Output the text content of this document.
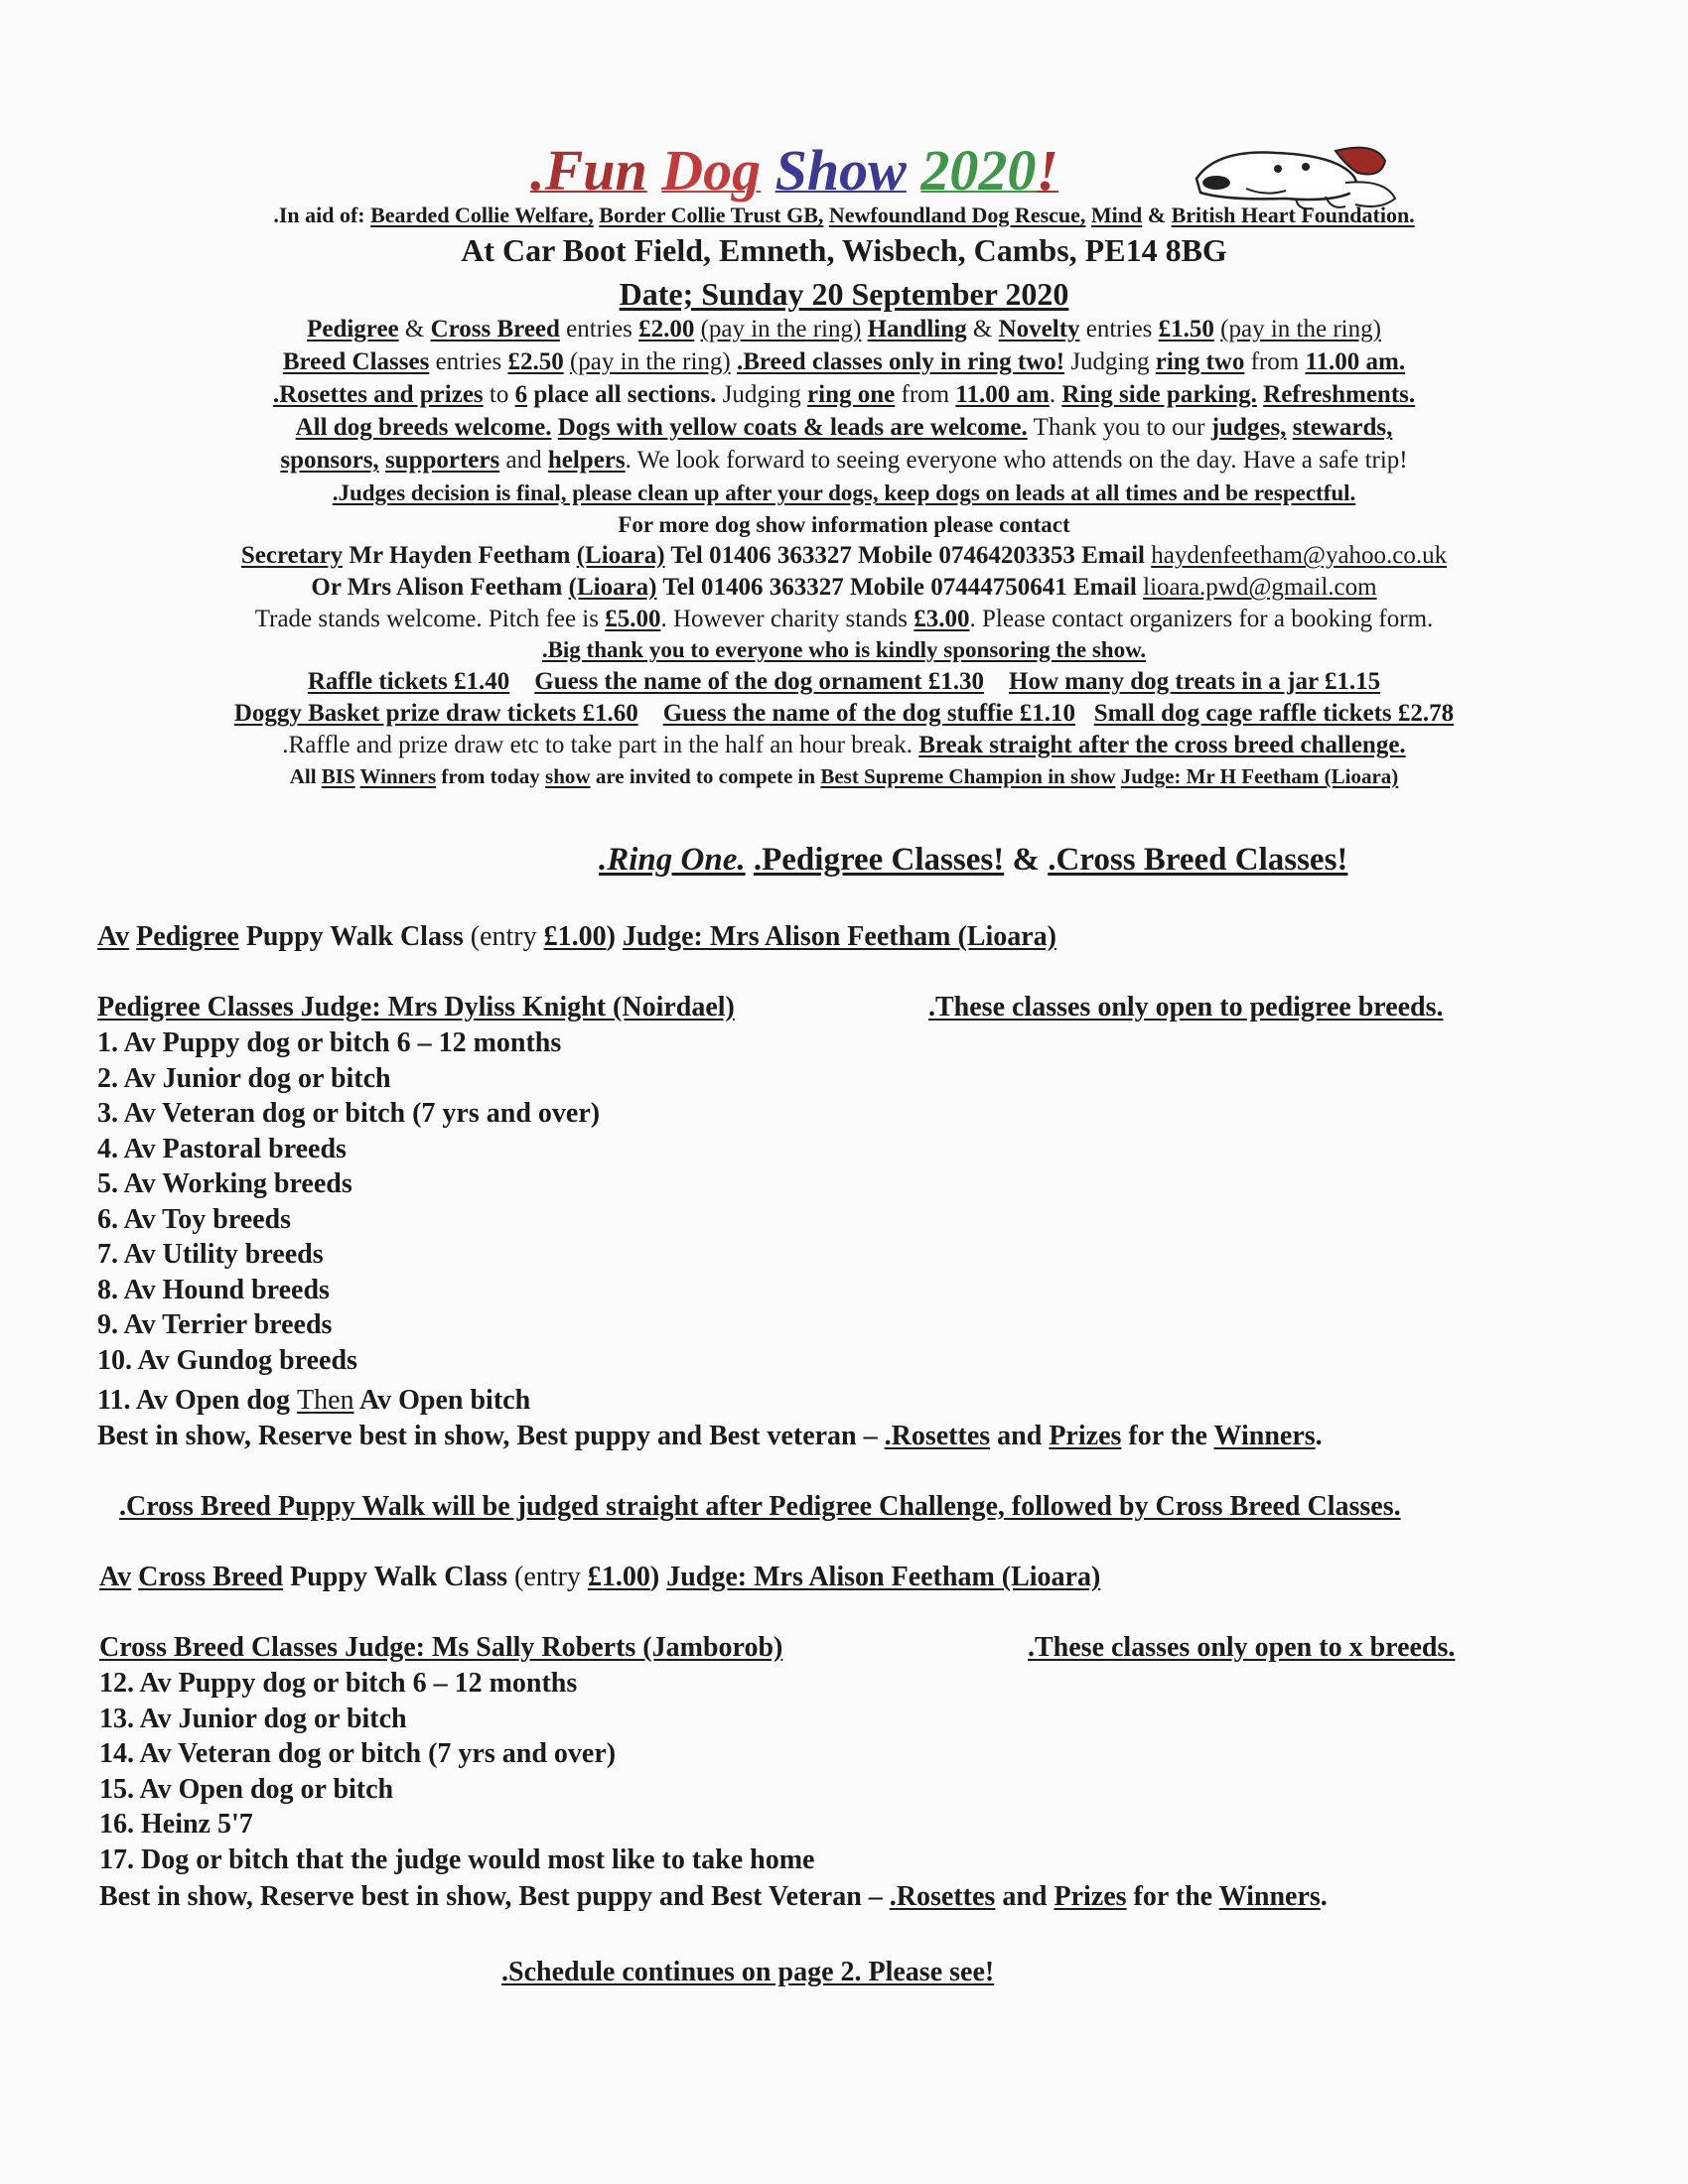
.Fun Dog Show 2020!
.In aid of: Bearded Collie Welfare, Border Collie Trust GB, Newfoundland Dog Rescue, Mind & British Heart Foundation.
At Car Boot Field, Emneth, Wisbech, Cambs, PE14 8BG
Date; Sunday 20 September 2020
Pedigree & Cross Breed entries £2.00 (pay in the ring) Handling & Novelty entries £1.50 (pay in the ring)
Breed Classes entries £2.50 (pay in the ring) .Breed classes only in ring two! Judging ring two from 11.00 am.
.Rosettes and prizes to 6 place all sections. Judging ring one from 11.00 am. Ring side parking. Refreshments.
All dog breeds welcome. Dogs with yellow coats & leads are welcome. Thank you to our judges, stewards,
sponsors, supporters and helpers. We look forward to seeing everyone who attends on the day. Have a safe trip!
.Judges decision is final, please clean up after your dogs, keep dogs on leads at all times and be respectful.
For more dog show information please contact
Secretary Mr Hayden Feetham (Lioara) Tel 01406 363327 Mobile 07464203353 Email haydenfeetham@yahoo.co.uk
Or Mrs Alison Feetham (Lioara) Tel 01406 363327 Mobile 07444750641 Email lioara.pwd@gmail.com
Trade stands welcome. Pitch fee is £5.00. However charity stands £3.00. Please contact organizers for a booking form.
.Big thank you to everyone who is kindly sponsoring the show.
Raffle tickets £1.40 Guess the name of the dog ornament £1.30 How many dog treats in a jar £1.15
Doggy Basket prize draw tickets £1.60 Guess the name of the dog stuffie £1.10 Small dog cage raffle tickets £2.78
.Raffle and prize draw etc to take part in the half an hour break. Break straight after the cross breed challenge.
All BIS Winners from today show are invited to compete in Best Supreme Champion in show Judge: Mr H Feetham (Lioara)
.Ring One. .Pedigree Classes! & .Cross Breed Classes!
Av Pedigree Puppy Walk Class (entry £1.00) Judge: Mrs Alison Feetham (Lioara)
Pedigree Classes Judge: Mrs Dyliss Knight (Noirdael)	.These classes only open to pedigree breeds.
1. Av Puppy dog or bitch 6 – 12 months
2. Av Junior dog or bitch
3. Av Veteran dog or bitch (7 yrs and over)
4. Av Pastoral breeds
5. Av Working breeds
6. Av Toy breeds
7. Av Utility breeds
8. Av Hound breeds
9. Av Terrier breeds
10. Av Gundog breeds
11. Av Open dog Then Av Open bitch
Best in show, Reserve best in show, Best puppy and Best veteran – .Rosettes and Prizes for the Winners.
.Cross Breed Puppy Walk will be judged straight after Pedigree Challenge, followed by Cross Breed Classes.
Av Cross Breed Puppy Walk Class (entry £1.00) Judge: Mrs Alison Feetham (Lioara)
Cross Breed Classes Judge: Ms Sally Roberts (Jamborob)	.These classes only open to x breeds.
12. Av Puppy dog or bitch 6 – 12 months
13. Av Junior dog or bitch
14. Av Veteran dog or bitch (7 yrs and over)
15. Av Open dog or bitch
16. Heinz 5'7
17. Dog or bitch that the judge would most like to take home
Best in show, Reserve best in show, Best puppy and Best Veteran – .Rosettes and Prizes for the Winners.
.Schedule continues on page 2. Please see!
